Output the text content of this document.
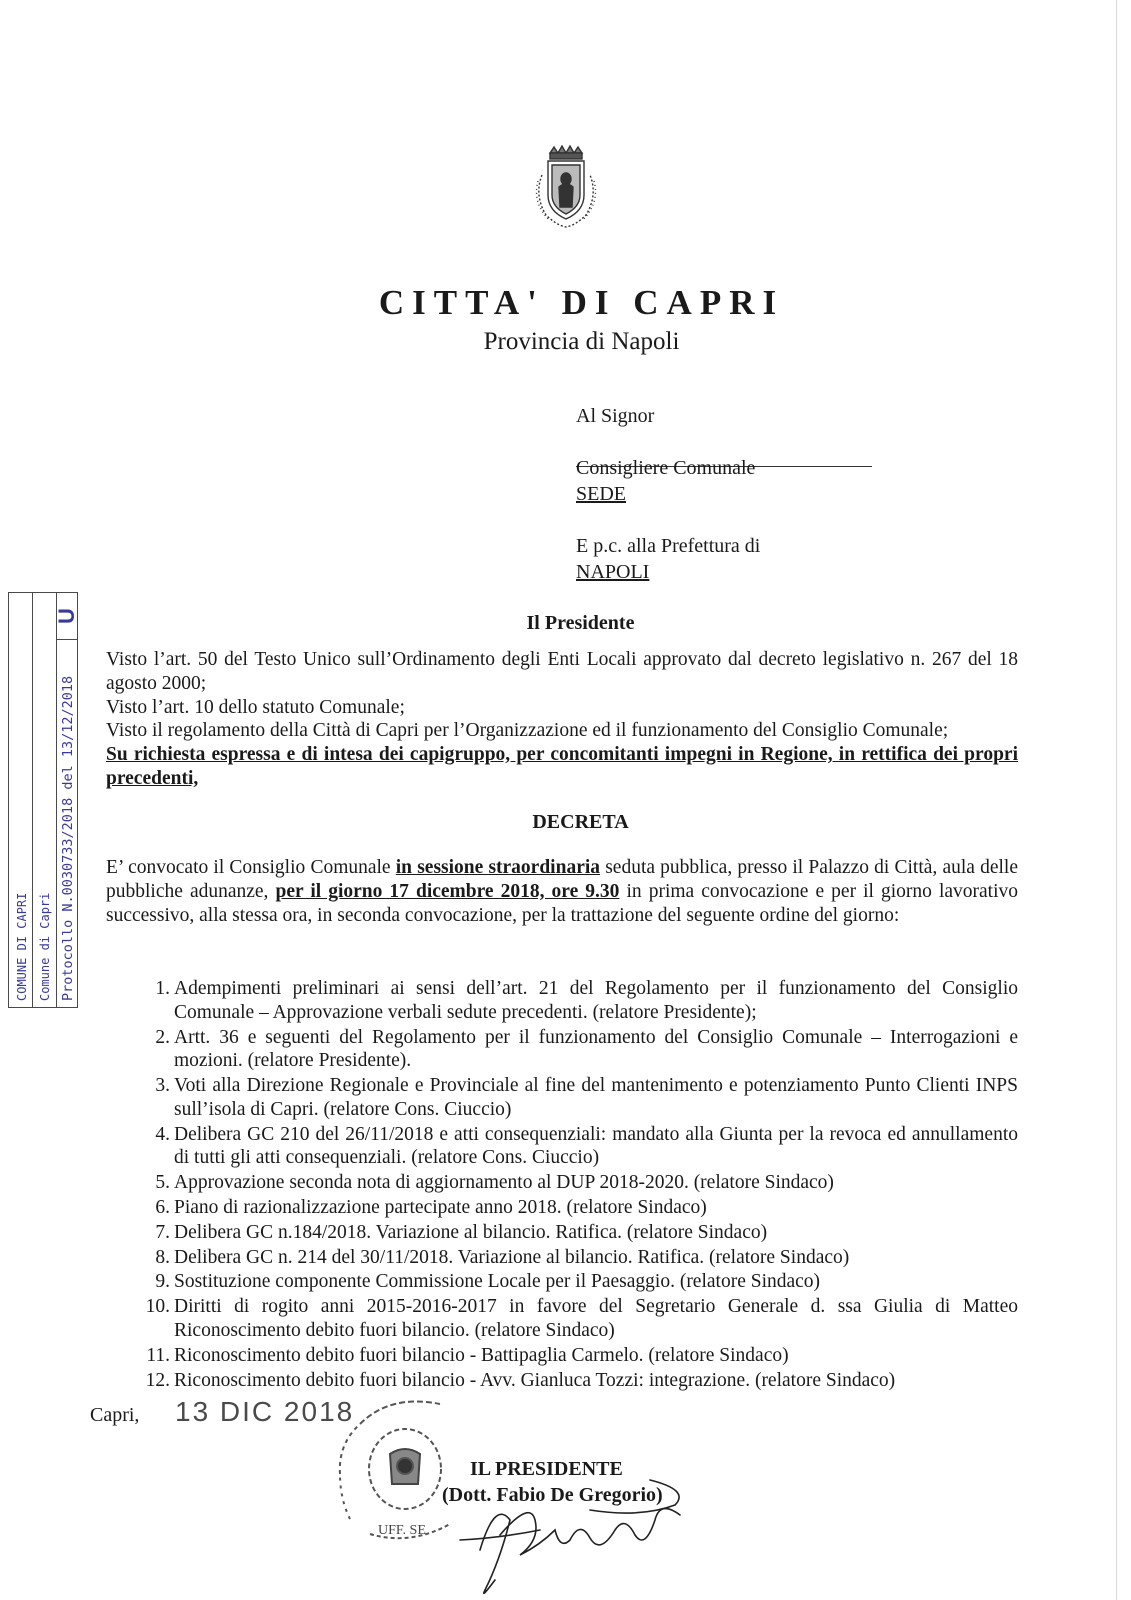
CITTA' DI CAPRI
Provincia di Napoli
Al Signor
Consigliere Comunale
SEDE
E p.c. alla Prefettura di
NAPOLI
U
COMUNE DI CAPRI Comune di Capri Protocollo N.0030733/2018 del 13/12/2018
Il Presidente

Visto l’art. 50 del Testo Unico sull’Ordinamento degli Enti Locali approvato dal decreto legislativo n. 267 del 18 agosto 2000;

Visto l’art. 10 dello statuto Comunale;

Visto il regolamento della Città di Capri per l’Organizzazione ed il funzionamento del Consiglio Comunale;

Su richiesta espressa e di intesa dei capigruppo, per concomitanti impegni in Regione, in rettifica dei propri precedenti,

DECRETA
E’ convocato il Consiglio Comunale in sessione straordinaria seduta pubblica, presso il Palazzo di Città, aula delle pubbliche adunanze, per il giorno 17 dicembre 2018, ore 9.30 in prima convocazione e per il giorno lavorativo successivo, alla stessa ora, in seconda convocazione, per la trattazione del seguente ordine del giorno:
1 . Adempimenti preliminari ai sensi dell’art. 21 del Regolamento per il funzionamento del Consiglio Comunale – Approvazione verbali sedute precedenti. (relatore Presidente);
2 . Artt. 36 e seguenti del Regolamento per il funzionamento del Consiglio Comunale – Interrogazioni e mozioni. (relatore Presidente).
3 . Voti alla Direzione Regionale e Provinciale al fine del mantenimento e potenziamento Punto Clienti INPS sull’isola di Capri. (relatore Cons. Ciuccio)
4 . Delibera GC 210 del 26/11/2018 e atti consequenziali: mandato alla Giunta per la revoca ed annullamento di tutti gli atti consequenziali. (relatore Cons. Ciuccio)
5 . Approvazione seconda nota di aggiornamento al DUP 2018-2020. (relatore Sindaco)
6 . Piano di razionalizzazione partecipate anno 2018. (relatore Sindaco)
7 . Delibera GC n.184/2018. Variazione al bilancio. Ratifica. (relatore Sindaco)
8 . Delibera GC n. 214 del 30/11/2018. Variazione al bilancio. Ratifica. (relatore Sindaco)
9 . Sostituzione componente Commissione Locale per il Paesaggio. (relatore Sindaco)
10 . Diritti di rogito anni 2015-2016-2017 in favore del Segretario Generale d. ssa Giulia di Matteo Riconoscimento debito fuori bilancio. (relatore Sindaco)
11 . Riconoscimento debito fuori bilancio - Battipaglia Carmelo. (relatore Sindaco)
12 . Riconoscimento debito fuori bilancio - Avv. Gianluca Tozzi: integrazione. (relatore Sindaco)
Capri, 13 DIC 2018
UFF. SE
IL PRESIDENTE
(Dott. Fabio De Gregorio)
